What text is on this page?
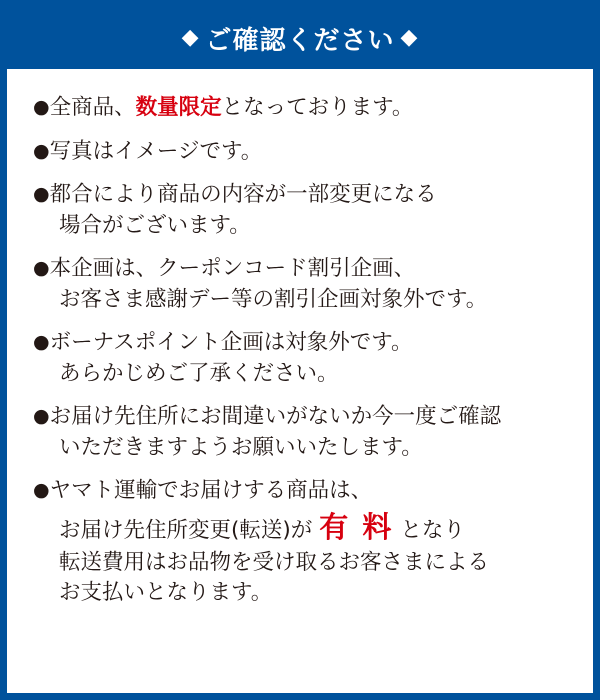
◆ ご確認ください ◆
●全商品、数量限定となっております。
●写真はイメージです。
●都合により商品の内容が一部変更になる
場合がございます。
●本企画は、クーポンコード割引企画、
お客さま感謝デー等の割引企画対象外です。
●ボーナスポイント企画は対象外です。
あらかじめご了承ください。
●お届け先住所にお間違いがないか今一度ご確認
いただきますようお願いいたします。
●ヤマト運輸でお届けする商品は、
お届け先住所変更(転送)が 有 料 となり
転送費用はお品物を受け取るお客さまによる
お支払いとなります。
